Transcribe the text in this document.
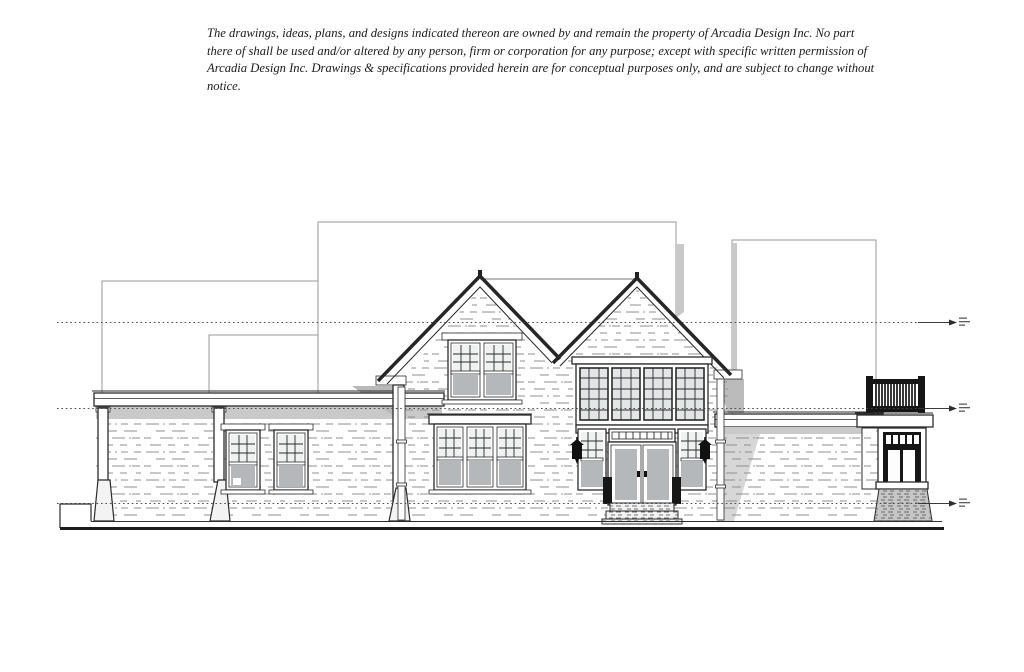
The drawings, ideas, plans, and designs indicated thereon are owned by and remain the property of Arcadia Design Inc. No part
there of shall be used and/or altered by any person, firm or corporation for any purpose; except with specific written permission of
Arcadia Design Inc. Drawings & specifications provided herein are for conceptual purposes only, and are subject to change without
notice.
